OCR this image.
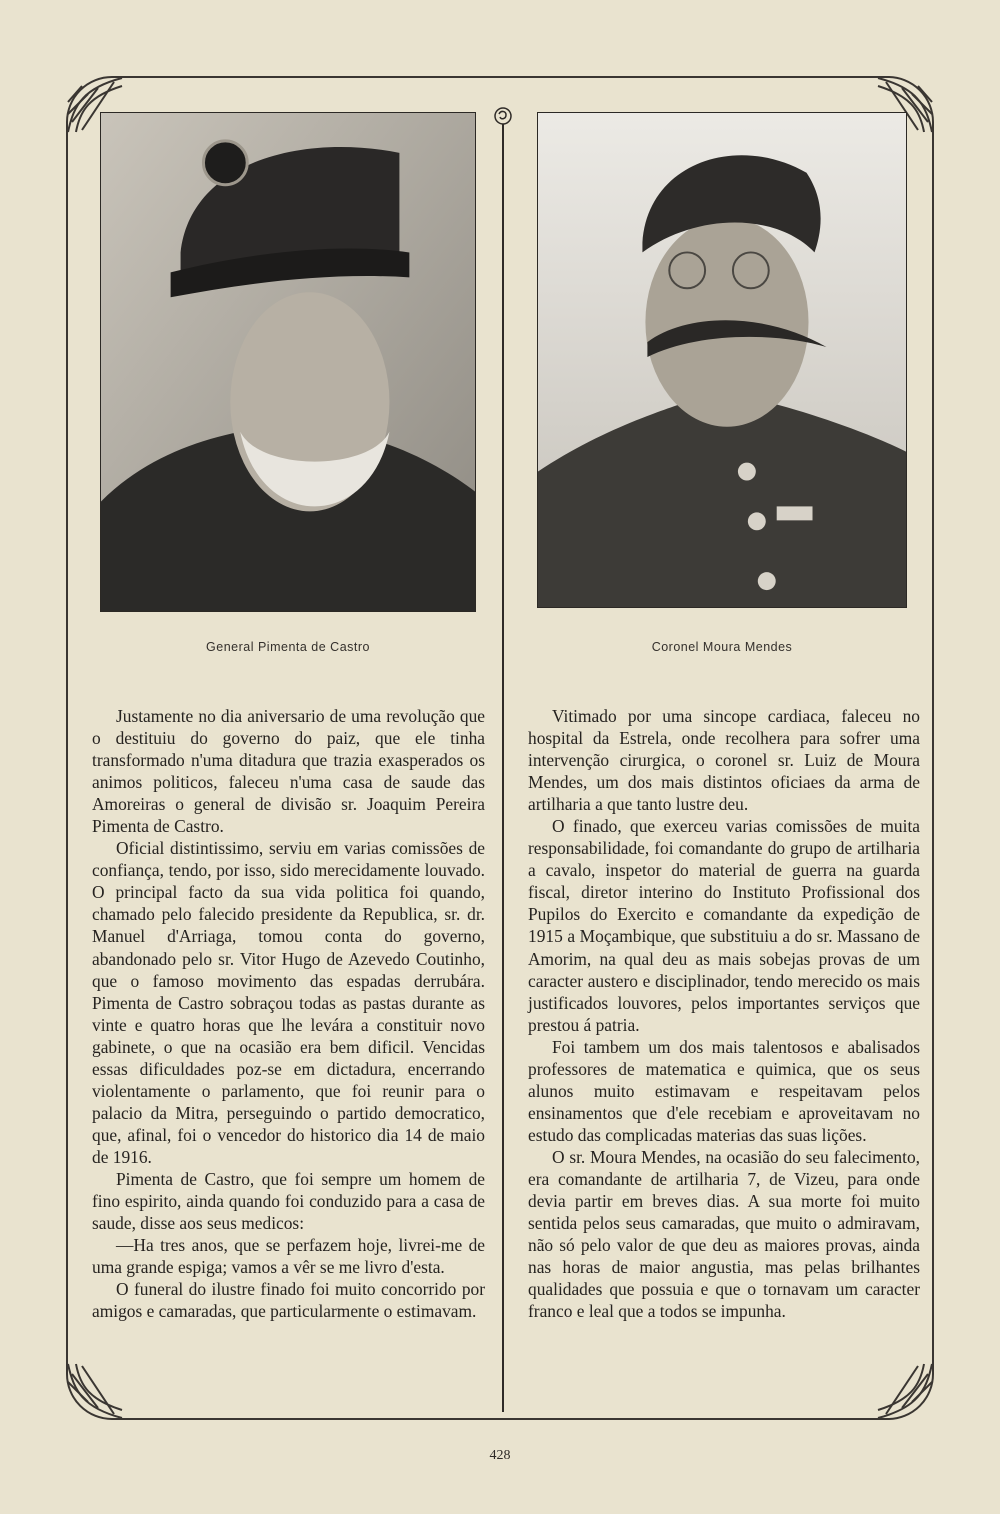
General Pimenta de Castro	Coronel Moura Mendes

Justamente no dia aniversario de uma revolução que o destituiu do governo do paiz, que ele tinha transformado n'uma ditadura que trazia exasperados os animos politicos, faleceu n'uma casa de saude das Amoreiras o general de divisão sr. Joaquim Pereira Pimenta de Castro.

Oficial distintissimo, serviu em varias comissões de confiança, tendo, por isso, sido merecidamente louvado. O principal facto da sua vida politica foi quando, chamado pelo falecido presidente da Republica, sr. dr. Manuel d'Arriaga, tomou conta do governo, abandonado pelo sr. Vitor Hugo de Azevedo Coutinho, que o famoso movimento das espadas derrubára. Pimenta de Castro sobraçou todas as pastas durante as vinte e quatro horas que lhe levára a constituir novo gabinete, o que na ocasião era bem dificil. Vencidas essas dificuldades poz-se em dictadura, encerrando violentamente o parlamento, que foi reunir para o palacio da Mitra, perseguindo o partido democratico, que, afinal, foi o vencedor do historico dia 14 de maio de 1916.

Pimenta de Castro, que foi sempre um homem de fino espirito, ainda quando foi conduzido para a casa de saude, disse aos seus medicos:

—Ha tres anos, que se perfazem hoje, livrei-me de uma grande espiga; vamos a vêr se me livro d'esta.

O funeral do ilustre finado foi muito concorrido por amigos e camaradas, que particularmente o estimavam.

Vitimado por uma sincope cardiaca, faleceu no hospital da Estrela, onde recolhera para sofrer uma intervenção cirurgica, o coronel sr. Luiz de Moura Mendes, um dos mais distintos oficiaes da arma de artilharia a que tanto lustre deu.

O finado, que exerceu varias comissões de muita responsabilidade, foi comandante do grupo de artilharia a cavalo, inspetor do material de guerra na guarda fiscal, diretor interino do Instituto Profissional dos Pupilos do Exercito e comandante da expedição de 1915 a Moçambique, que substituiu a do sr. Massano de Amorim, na qual deu as mais sobejas provas de um caracter austero e disciplinador, tendo merecido os mais justificados louvores, pelos importantes serviços que prestou á patria.

Foi tambem um dos mais talentosos e abalisados professores de matematica e quimica, que os seus alunos muito estimavam e respeitavam pelos ensinamentos que d'ele recebiam e aproveitavam no estudo das complicadas materias das suas lições.

O sr. Moura Mendes, na ocasião do seu falecimento, era comandante de artilharia 7, de Vizeu, para onde devia partir em breves dias. A sua morte foi muito sentida pelos seus camaradas, que muito o admiravam, não só pelo valor de que deu as maiores provas, ainda nas horas de maior angustia, mas pelas brilhantes qualidades que possuia e que o tornavam um caracter franco e leal que a todos se impunha.

428
